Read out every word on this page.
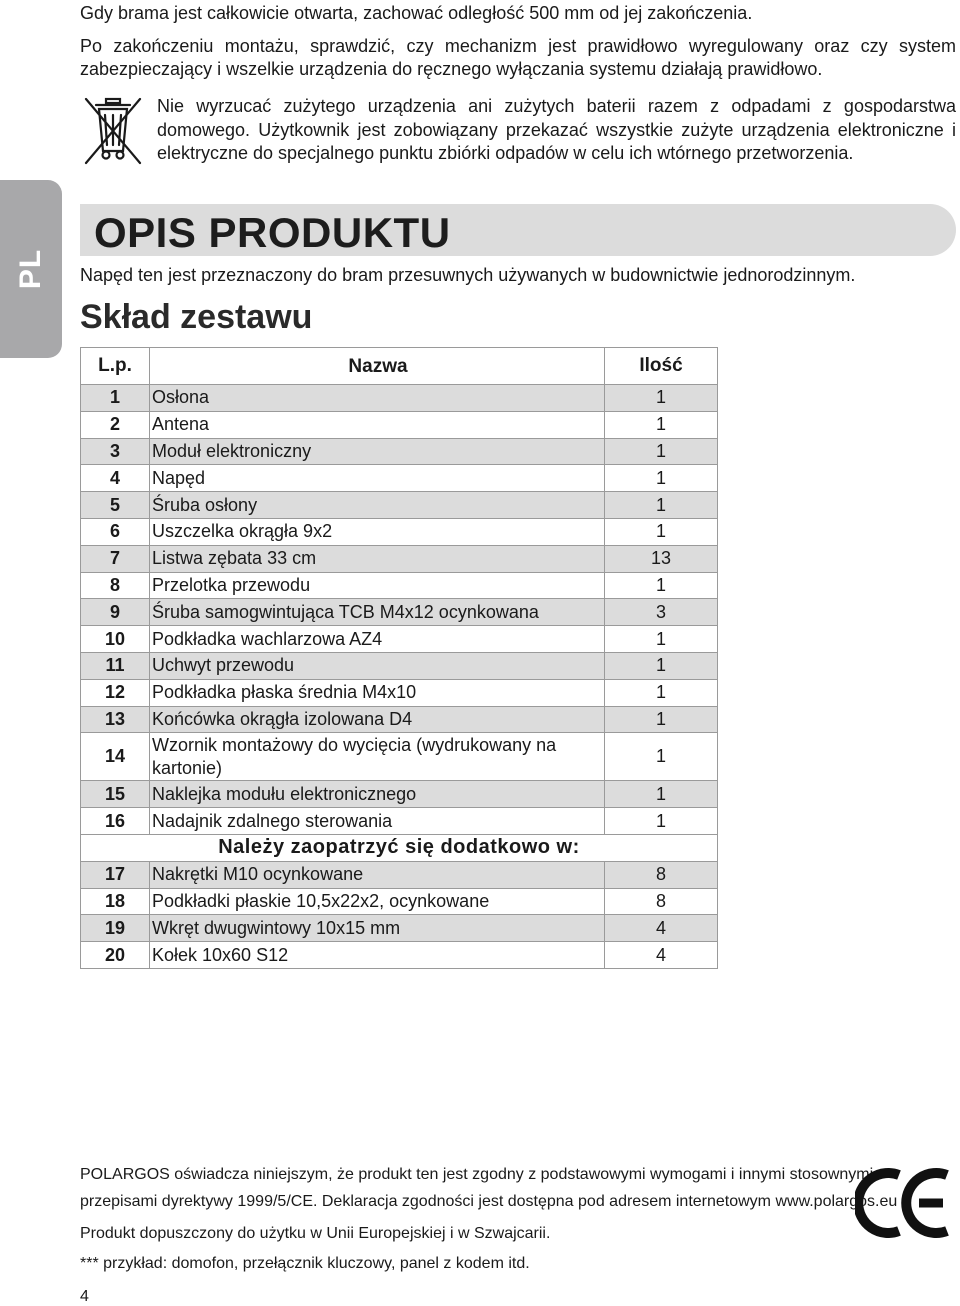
Gdy brama jest całkowicie otwarta, zachować odległość 500 mm od jej zakończenia.

Po zakończeniu montażu, sprawdzić, czy mechanizm jest prawidłowo wyregulowany oraz czy system zabezpieczający i wszelkie urządzenia do ręcznego wyłączania systemu działają prawidłowo.

Nie wyrzucać zużytego urządzenia ani zużytych baterii razem z odpadami z gospodarstwa domowego. Użytkownik jest zobowiązany przekazać wszystkie zużyte urządzenia elektroniczne i elektryczne do specjalnego punktu zbiórki odpadów w celu ich wtórnego przetworzenia.

PL
OPIS PRODUKTU

Napęd ten jest przeznaczony do bram przesuwnych używanych w budownictwie jednorodzinnym.

Skład zestawu
L.p.	Nazwa	Ilość
1	Osłona	1
2	Antena	1
3	Moduł elektroniczny	1
4	Napęd	1
5	Śruba osłony	1
6	Uszczelka okrągła 9x2	1
7	Listwa zębata 33 cm	13
8	Przelotka przewodu	1
9	Śruba samogwintująca TCB M4x12 ocynkowana	3
10	Podkładka wachlarzowa AZ4	1
11	Uchwyt przewodu	1
12	Podkładka płaska średnia M4x10	1
13	Końcówka okrągła izolowana D4	1
14	Wzornik montażowy do wycięcia (wydrukowany na kartonie)	1
15	Naklejka modułu elektronicznego	1
16	Nadajnik zdalnego sterowania	1
Należy zaopatrzyć się dodatkowo w:		
17	Nakrętki M10 ocynkowane	8
18	Podkładki płaskie 10,5x22x2, ocynkowane	8
19	Wkręt dwugwintowy 10x15 mm	4
20	Kołek 10x60 S12	4

POLARGOS oświadcza niniejszym, że produkt ten jest zgodny z podstawowymi wymogami i innymi stosownymi

przepisami dyrektywy 1999/5/CE. Deklaracja zgodności jest dostępna pod adresem internetowym www.polargos.eu

Produkt dopuszczony do użytku w Unii Europejskiej i w Szwajcarii.

*** przykład: domofon, przełącznik kluczowy, panel z kodem itd.

4
